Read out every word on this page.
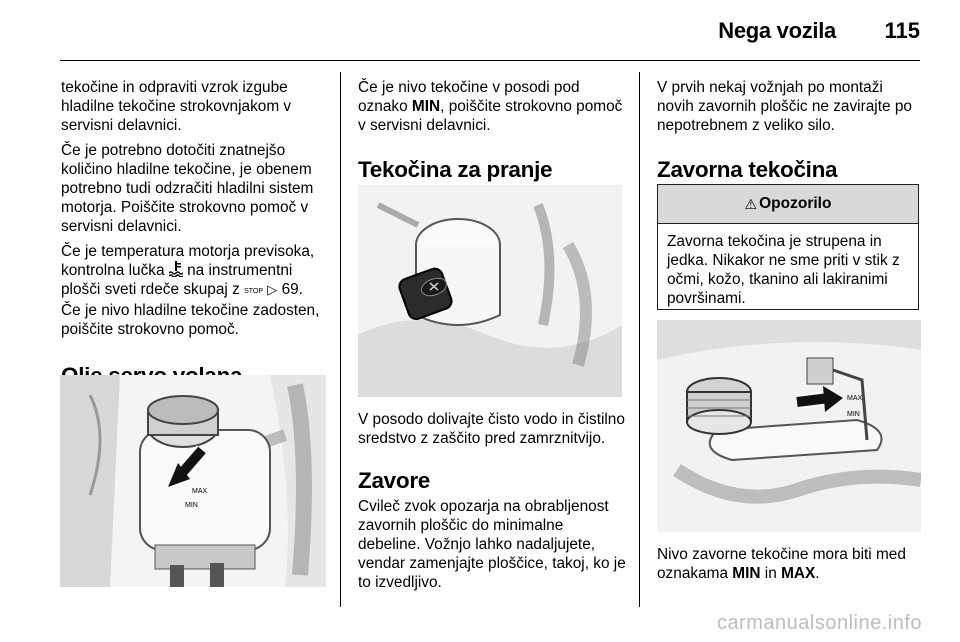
Nega vozila 115

tekočine in odpraviti vzrok izgube hladilne tekočine strokovnjakom v servisni delavnici.

Če je potrebno dotočiti znatnejšo količino hladilne tekočine, je obenem potrebno tudi odzračiti hladilni sistem motorja. Poiščite strokovno pomoč v servisni delavnici.

Če je temperatura motorja previsoka, kontrolna lučka na instrumentni plošči sveti rdeče skupaj z STOP ▷ 69.

Če je nivo hladilne tekočine zadosten, poiščite strokovno pomoč.

MAX
MIN

Če je nivo tekočine v posodi pod oznako MIN, poiščite strokovno pomoč v servisni delavnici.

Tekočina za pranje

V posodo dolivajte čisto vodo in čistilno sredstvo z zaščito pred zamrznitvijo.

Zavore

Cvileč zvok opozarja na obrabljenost zavornih ploščic do minimalne debeline. Vožnjo lahko nadaljujete, vendar zamenjajte ploščice, takoj, ko je to izvedljivo.

V prvih nekaj vožnjah po montaži novih zavornih ploščic ne zavirajte po nepotrebnem z veliko silo.

Zavorna tekočina
⚠ Opozorilo
Zavorna tekočina je strupena in jedka. Nikakor ne sme priti v stik z očmi, kožo, tkanino ali lakiranimi površinami.
MAX
MIN

Nivo zavorne tekočine mora biti med oznakama MIN in MAX.

carmanualsonline.info
